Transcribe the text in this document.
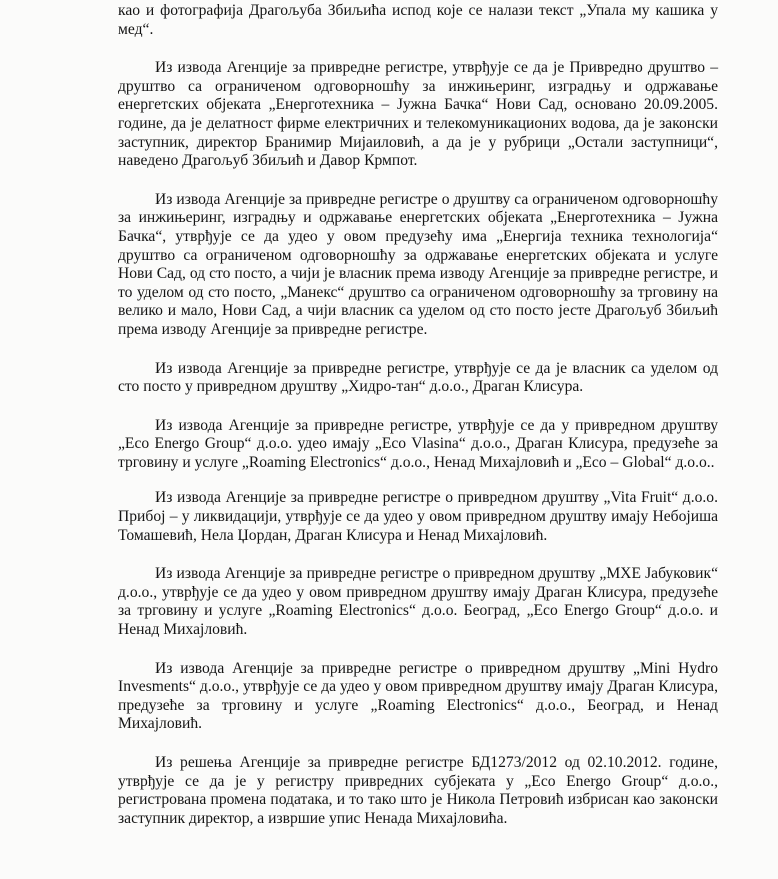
као и фотографија Драгољуба Збиљића испод које се налази текст „Упала му кашика у мед“.

Из извода Агенције за привредне регистре, утврђује се да је Привредно друштво – друштво са ограниченом одговорношћу за инжињеринг, изградњу и одржавање енергетских објеката „Енерготехника – Јужна Бачка“ Нови Сад, основано 20.09.2005. године, да је делатност фирме електричних и телекомуникационих водова, да је законски заступник, директор Бранимир Мијаиловић, а да је у рубрици „Остали заступници“, наведено Драгољуб Збиљић и Давор Крмпот.

Из извода Агенције за привредне регистре о друштву са ограниченом одговорношћу за инжињеринг, изградњу и одржавање енергетских објеката „Енерготехника – Јужна Бачка“, утврђује се да удео у овом предузећу има „Енергија техника технологија“ друштво са ограниченом одговорношћу за одржавање енергетских објеката и услуге Нови Сад, од сто посто, а чији је власник према изводу Агенције за привредне регистре, и то уделом од сто посто, „Манекс“ друштво са ограниченом одговорношћу за трговину на велико и мало, Нови Сад, а чији власник са уделом од сто посто јесте Драгољуб Збиљић према изводу Агенције за привредне регистре.

Из извода Агенције за привредне регистре, утврђује се да је власник са уделом од сто посто у привредном друштву „Хидро-тан“ д.о.о., Драган Клисура.

Из извода Агенције за привредне регистре, утврђује се да у привредном друштву „Eco Energo Group“ д.о.о. удео имају „Eco Vlasina“ д.о.о., Драган Клисура, предузеће за трговину и услуге „Roaming Electronics“ д.о.о., Ненад Михајловић и „Eco – Global“ д.о.о..

Из извода Агенције за привредне регистре о привредном друштву „Vita Fruit“ д.о.о. Прибој – у ликвидацији, утврђује се да удео у овом привредном друштву имају Небојиша Томашевић, Нела Џордан, Драган Клисура и Ненад Михајловић.

Из извода Агенције за привредне регистре о привредном друштву „МХЕ Јабуковик“ д.о.о., утврђује се да удео у овом привредном друштву имају Драган Клисура, предузеће за трговину и услуге „Roaming Electronics“ д.о.о. Београд, „Eco Energo Group“ д.о.о. и Ненад Михајловић.

Из извода Агенције за привредне регистре о привредном друштву „Mini Hydro Invesments“ д.о.о., утврђује се да удео у овом привредном друштву имају Драган Клисура, предузеће за трговину и услуге „Roaming Electronics“ д.о.о., Београд, и Ненад Михајловић.

Из решења Агенције за привредне регистре БД1273/2012 од 02.10.2012. године, утврђује се да је у регистру привредних субјеката у „Eco Energo Group“ д.о.о., регистрована промена података, и то тако што је Никола Петровић избрисан као законски заступник директор, а извршие упис Ненада Михајловића.
